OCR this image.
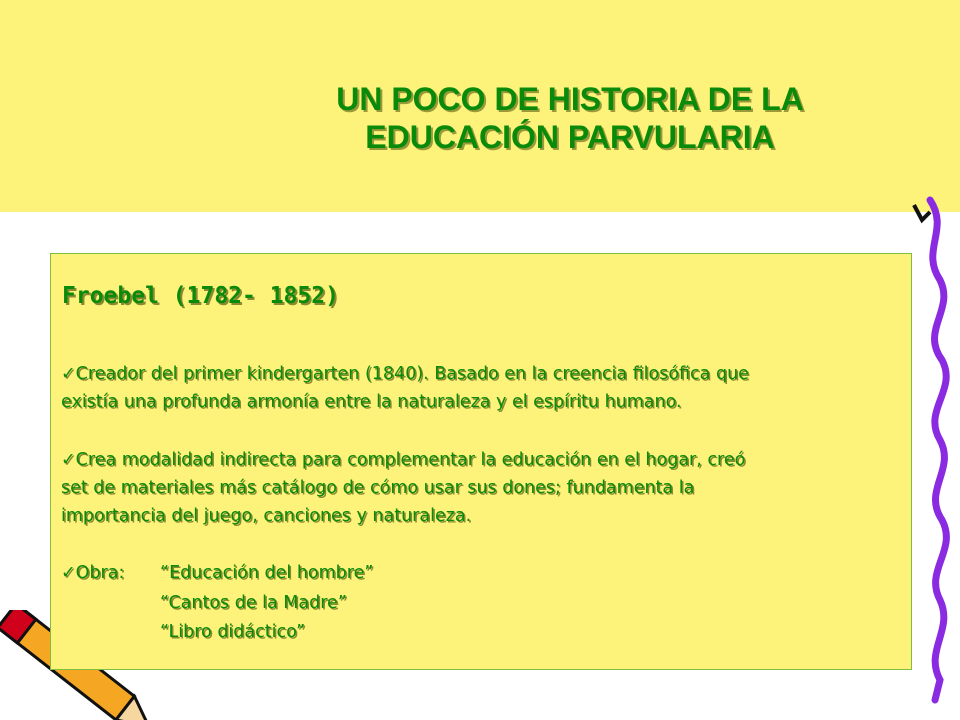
UN POCO DE HISTORIA DE LA
EDUCACIÓN PARVULARIA
Froebel (1782- 1852)
✓Creador del primer kindergarten (1840). Basado en la creencia filosófica que
existía una profunda armonía entre la naturaleza y el espíritu humano.
✓Crea modalidad indirecta para complementar la educación en el hogar, creó
set de materiales más catálogo de cómo usar sus dones; fundamenta la
importancia del juego, canciones y naturaleza.
✓Obra: “Educación del hombre”
“Cantos de la Madre”
“Libro didáctico”
